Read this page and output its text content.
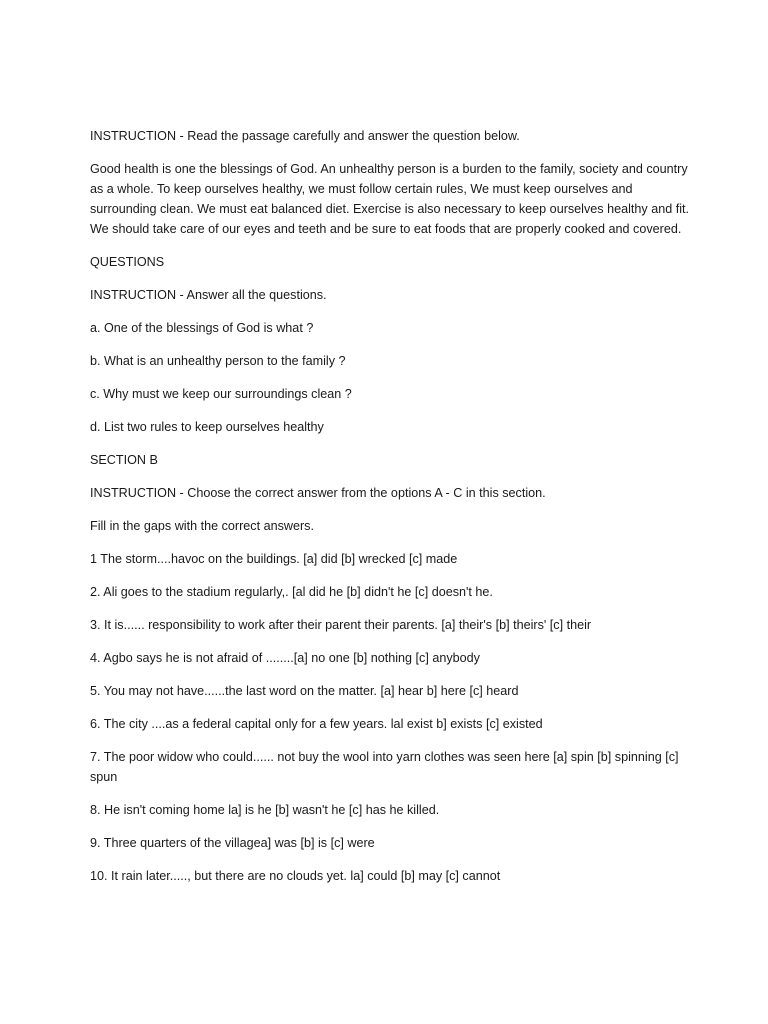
INSTRUCTION - Read the passage carefully and answer the question below.

Good health is one the blessings of God. An unhealthy person is a burden to the family, society and country as a whole. To keep ourselves healthy, we must follow certain rules, We must keep ourselves and surrounding clean. We must eat balanced diet. Exercise is also necessary to keep ourselves healthy and fit. We should take care of our eyes and teeth and be sure to eat foods that are properly cooked and covered.

QUESTIONS

INSTRUCTION - Answer all the questions.

a. One of the blessings of God is what ?

b. What is an unhealthy person to the family ?

c. Why must we keep our surroundings clean ?

d. List two rules to keep ourselves healthy

SECTION B

INSTRUCTION - Choose the correct answer from the options A - C in this section.

Fill in the gaps with the correct answers.

1 The storm....havoc on the buildings. [a] did [b] wrecked [c] made

2. Ali goes to the stadium regularly,. [al did he [b] didn't he [c] doesn't he.

3. It is...... responsibility to work after their parent their parents. [a] their's [b] theirs' [c] their

4. Agbo says he is not afraid of ........[a] no one [b] nothing [c] anybody

5. You may not have......the last word on the matter. [a] hear b] here [c] heard

6. The city ....as a federal capital only for a few years. lal exist b] exists [c] existed

7. The poor widow who could...... not buy the wool into yarn clothes was seen here [a] spin [b] spinning [c] spun

8. He isn't coming home la] is he [b] wasn't he [c] has he killed.

9. Three quarters of the villagea] was [b] is [c] were

10. It rain later....., but there are no clouds yet. la] could [b] may [c] cannot
